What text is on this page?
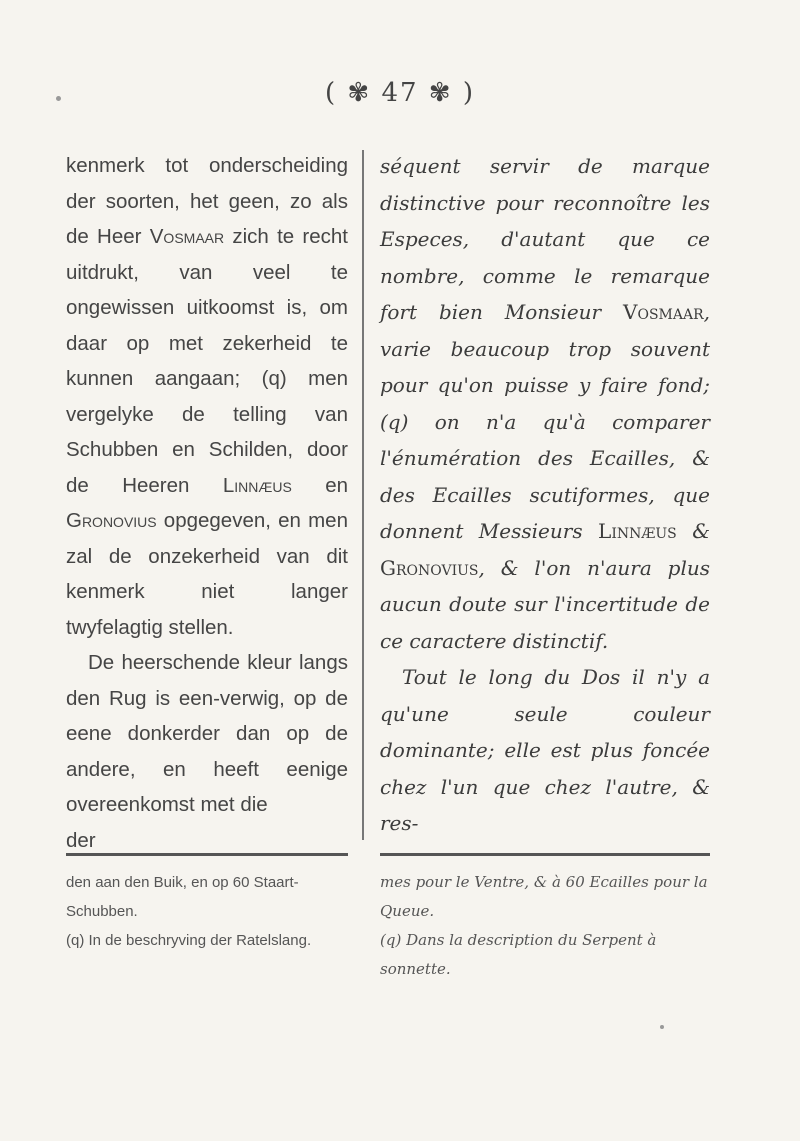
( ✾ 47 ✾ )

kenmerk tot onderscheiding der soorten, het geen, zo als de Heer Vosmaar zich te recht uitdrukt, van veel te ongewissen uitkoomst is, om daar op met zekerheid te kunnen aangaan; (q) men vergelyke de telling van Schubben en Schilden, door de Heeren Linnæus en Gronovius opgegeven, en men zal de onzekerheid van dit kenmerk niet langer twyfelagtig stellen.

De heerschende kleur langs den Rug is een-verwig, op de eene donkerder dan op de andere, en heeft eenige overeenkomst met die

der

séquent servir de marque distinctive pour reconnoître les Especes, d'autant que ce nombre, comme le remarque fort bien Monsieur Vosmaar, varie beaucoup trop souvent pour qu'on puisse y faire fond; (q) on n'a qu'à comparer l'énumération des Ecailles, & des Ecailles scutiformes, que donnent Messieurs Linnæus & Gronovius, & l'on n'aura plus aucun doute sur l'incertitude de ce caractere distinctif.

Tout le long du Dos il n'y a qu'une seule couleur dominante; elle est plus foncée chez l'un que chez l'autre, & res-

den aan den Buik, en op 60 Staart-Schubben.

(q) In de beschryving der Ratelslang.

mes pour le Ventre, & à 60 Ecailles pour la Queue.

(q) Dans la description du Serpent à sonnette.
